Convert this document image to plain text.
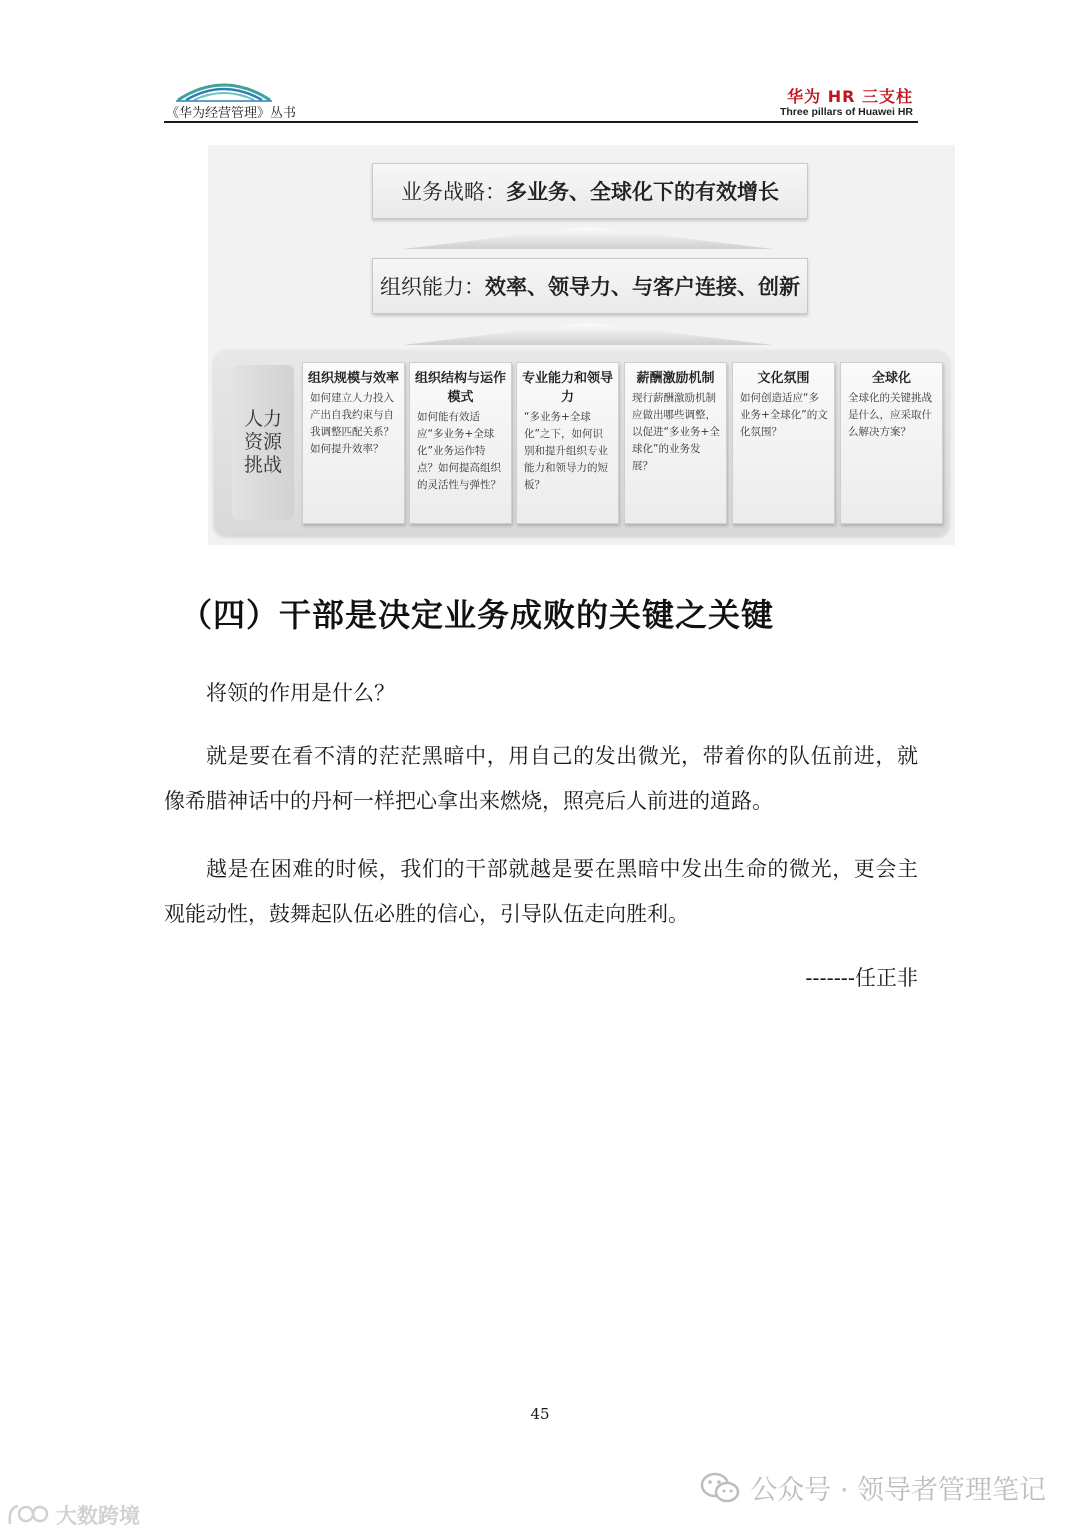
《华为经营管理》丛书
华为 HR 三支柱
Three pillars of Huawei HR
业务战略： 多业务、全球化下的有效增长
组织能力： 效率、领导力、与客户连接、创新
人力资源挑战
组织规模与效率
如何建立人力投入产出自我约束与自我调整匹配关系？如何提升效率？
组织结构与运作模式
如何能有效适应“多业务+全球化”业务运作特点？如何提高组织的灵活性与弹性？
专业能力和领导力
“多业务+全球化”之下，如何识别和提升组织专业能力和领导力的短板？
薪酬激励机制
现行薪酬激励机制应做出哪些调整，以促进“多业务+全球化”的业务发展？
文化氛围
如何创造适应“多业务+全球化”的文化氛围？
全球化
全球化的关键挑战是什么，应采取什么解决方案？
（四）干部是决定业务成败的关键之关键
将领的作用是什么？
就是要在看不清的茫茫黑暗中，用自己的发出微光，带着你的队伍前进，就像希腊神话中的丹柯一样把心拿出来燃烧，照亮后人前进的道路。
越是在困难的时候，我们的干部就越是要在黑暗中发出生命的微光，更会主观能动性，鼓舞起队伍必胜的信心，引导队伍走向胜利。
-------任正非
45
公众号 · 领导者管理笔记
大数跨境
